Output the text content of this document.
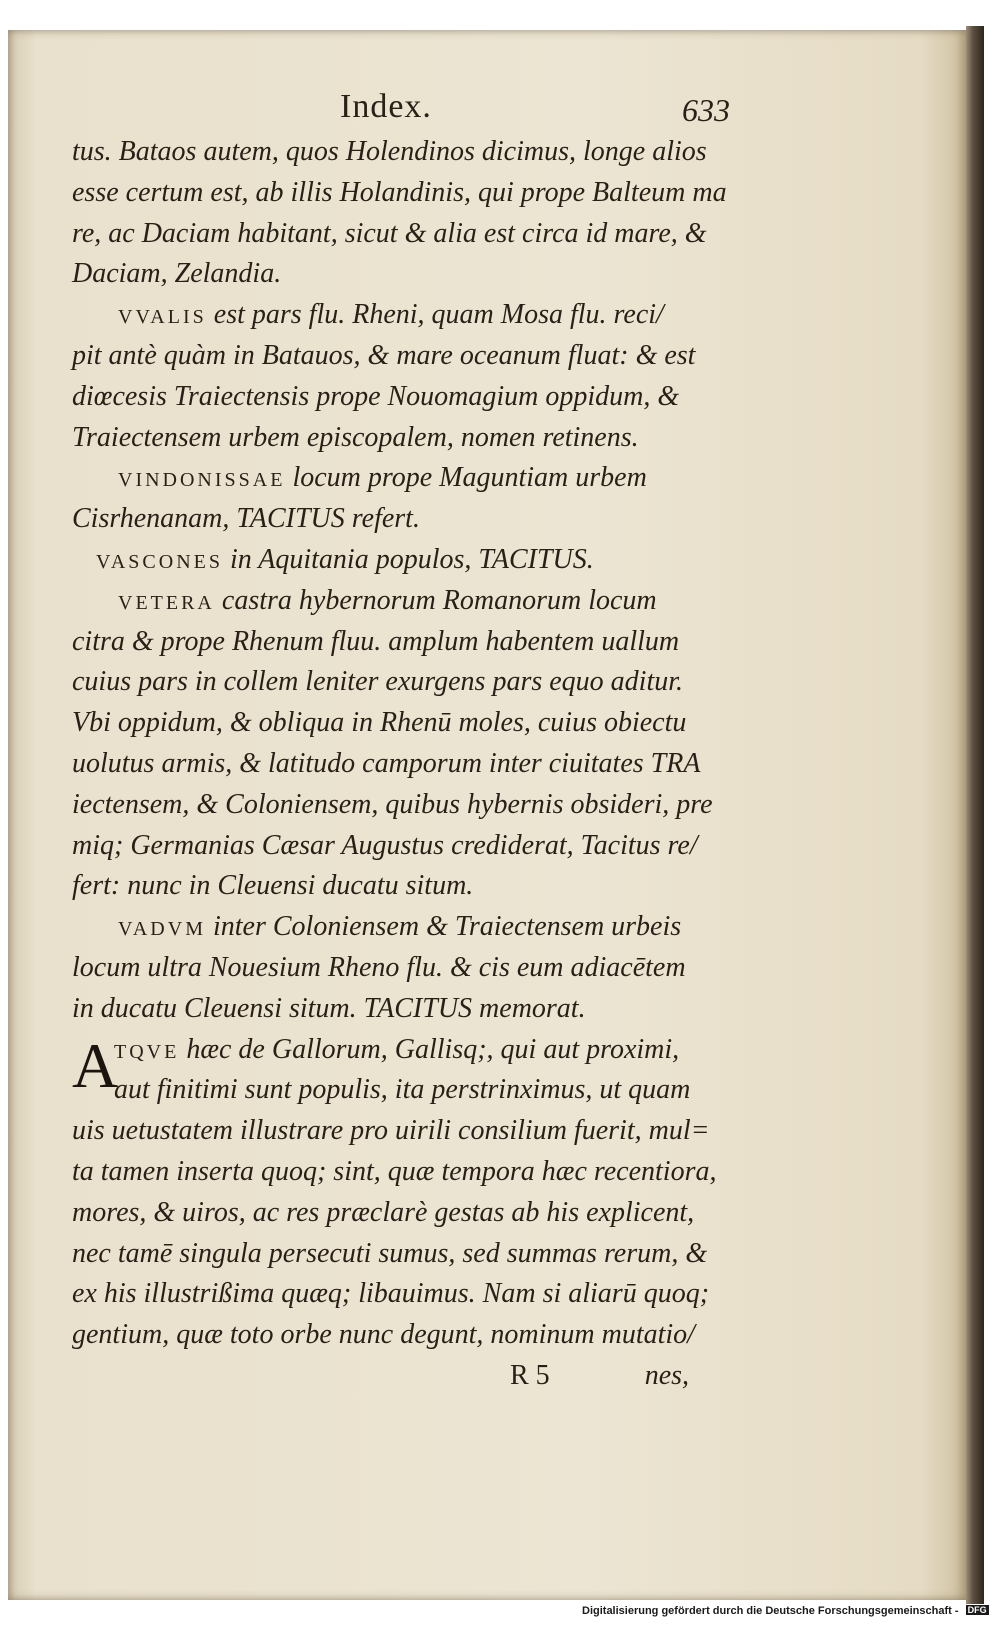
Index.	633
tus. Bataos autem, quos Holendinos dicimus, longe alios
esse certum est, ab illis Holandinis, qui prope Balteum ma
re, ac Daciam habitant, sicut & alia est circa id mare, &
Daciam, Zelandia.
VVALIS est pars flu. Rheni, quam Mosa flu. reci/
pit antè quàm in Batauos, & mare oceanum fluat: & est
diœcesis Traiectensis prope Nouomagium oppidum, &
Traiectensem urbem episcopalem, nomen retinens.
VINDONISSAE locum prope Maguntiam urbem
Cisrhenanam, TACITUS refert.
VASCONES in Aquitania populos, TACITUS.
VETERA castra hybernorum Romanorum locum
citra & prope Rhenum fluu. amplum habentem uallum
cuius pars in collem leniter exurgens pars equo aditur.
Vbi oppidum, & obliqua in Rhenū moles, cuius obiectu
uolutus armis, & latitudo camporum inter ciuitates TRA
iectensem, & Coloniensem, quibus hybernis obsideri, pre
miq; Germanias Cæsar Augustus crediderat, Tacitus re/
fert: nunc in Cleuensi ducatu situm.
VADVM inter Coloniensem & Traiectensem urbeis
locum ultra Nouesium Rheno flu. & cis eum adiacētem
in ducatu Cleuensi situm. TACITUS memorat.
A
TQVE hæc de Gallorum, Gallisq;, qui aut proximi,
aut finitimi sunt populis, ita perstrinximus, ut quam
uis uetustatem illustrare pro uirili consilium fuerit, mul=
ta tamen inserta quoq; sint, quæ tempora hæc recentiora,
mores, & uiros, ac res præclarè gestas ab his explicent,
nec tamē singula persecuti sumus, sed summas rerum, &
ex his illustrißima quæq; libauimus. Nam si aliarū quoq;
gentium, quæ toto orbe nunc degunt, nominum mutatio/
R 5	nes,
Digitalisierung gefördert durch die Deutsche Forschungsgemeinschaft - DFG
